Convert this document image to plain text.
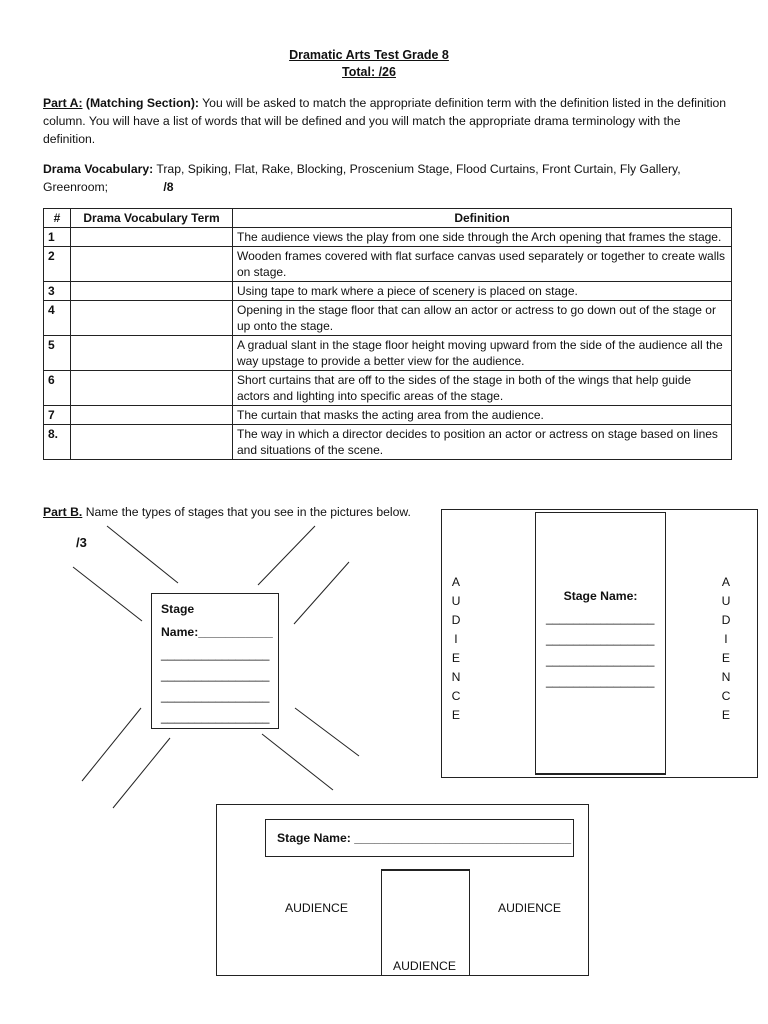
Dramatic Arts Test Grade 8
Total: /26
Part A: (Matching Section): You will be asked to match the appropriate definition term with the definition listed in the definition column. You will have a list of words that will be defined and you will match the appropriate drama terminology with the definition.
Drama Vocabulary: Trap, Spiking, Flat, Rake, Blocking, Proscenium Stage, Flood Curtains, Front Curtain, Fly Gallery, Greenroom;	/8
#	Drama Vocabulary Term	Definition
1		The audience views the play from one side through the Arch opening that frames the stage.
2		Wooden frames covered with flat surface canvas used separately or together to create walls on stage.
3		Using tape to mark where a piece of scenery is placed on stage.
4		Opening in the stage floor that can allow an actor or actress to go down out of the stage or up onto the stage.
5		A gradual slant in the stage floor height moving upward from the side of the audience all the way upstage to provide a better view for the audience.
6		Short curtains that are off to the sides of the stage in both of the wings that help guide actors and lighting into specific areas of the stage.
7		The curtain that masks the acting area from the audience.
8.		The way in which a director decides to position an actor or actress on stage based on lines and situations of the scene.
Part B. Name the types of stages that you see in the pictures below.
/3
Stage
Name:___________
________________
________________
________________
________________
A
U
D
I
E
N
C
E
A
U
D
I
E
N
C
E
Stage Name:
________________
________________
________________
________________
Stage Name: ________________________________
AUDIENCE	AUDIENCE
AUDIENCE
